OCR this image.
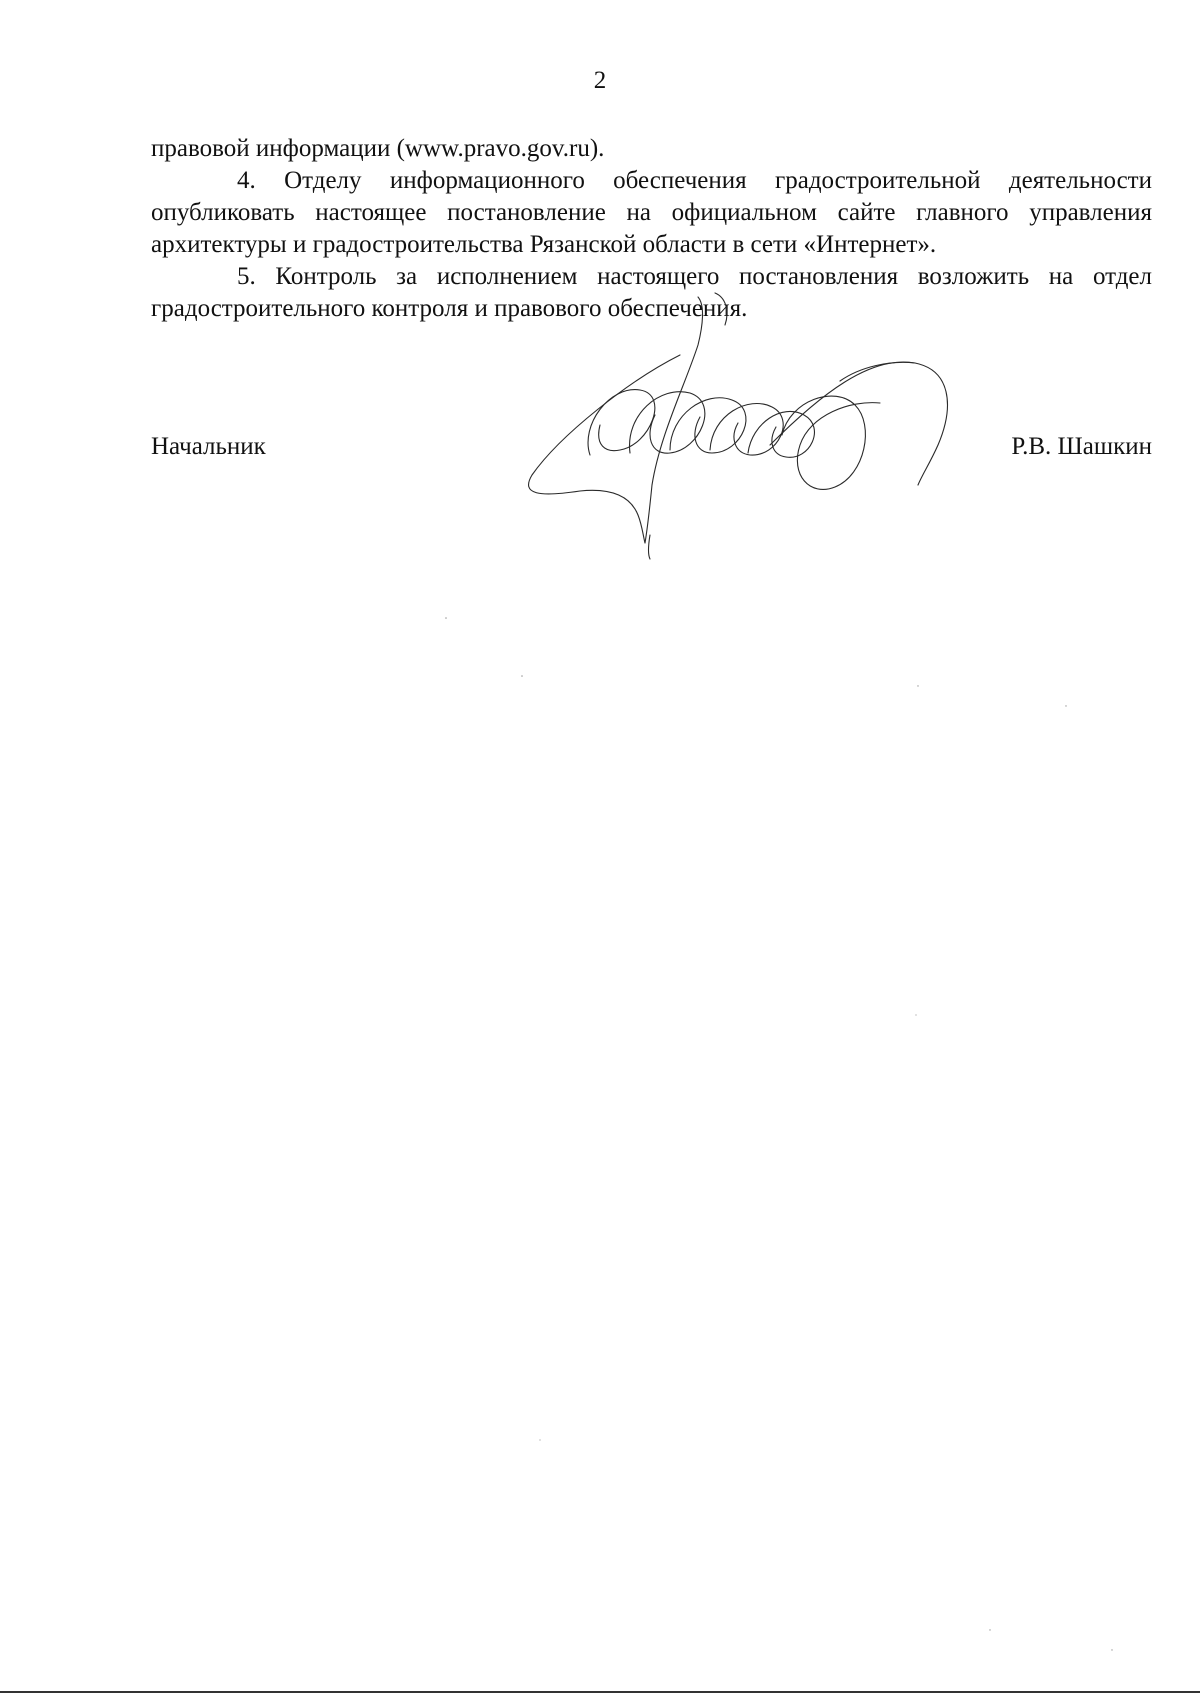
2

правовой информации (www.pravo.gov.ru).

4. Отделу информационного обеспечения градостроительной деятельности опубликовать настоящее постановление на официальном сайте главного управления архитектуры и градостроительства Рязанской области в сети «Интернет».

5. Контроль за исполнением настоящего постановления возложить на отдел градостроительного контроля и правового обеспечения.

Начальник	Р.В. Шашкин
